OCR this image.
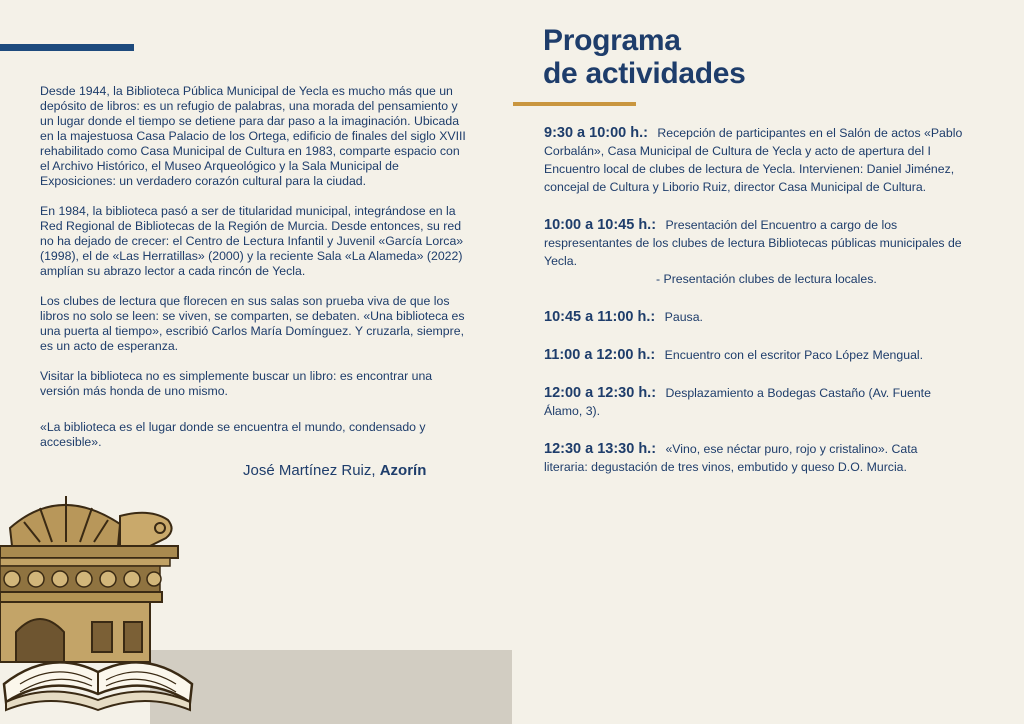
Desde 1944, la Biblioteca Pública Municipal de Yecla es mucho más que un depósito de libros: es un refugio de palabras, una morada del pensamiento y un lugar donde el tiempo se detiene para dar paso a la imaginación. Ubicada en la majestuosa Casa Palacio de los Ortega, edificio de finales del siglo XVIII rehabilitado como Casa Municipal de Cultura en 1983, comparte espacio con el Archivo Histórico, el Museo Arqueológico y la Sala Municipal de Exposiciones: un verdadero corazón cultural para la ciudad.

En 1984, la biblioteca pasó a ser de titularidad municipal, integrándose en la Red Regional de Bibliotecas de la Región de Murcia. Desde entonces, su red no ha dejado de crecer: el Centro de Lectura Infantil y Juvenil «García Lorca» (1998), el de «Las Herratillas» (2000) y la reciente Sala «La Alameda» (2022) amplían su abrazo lector a cada rincón de Yecla.

Los clubes de lectura que florecen en sus salas son prueba viva de que los libros no solo se leen: se viven, se comparten, se debaten. «Una biblioteca es una puerta al tiempo», escribió Carlos María Domínguez. Y cruzarla, siempre, es un acto de esperanza.

Visitar la biblioteca no es simplemente buscar un libro: es encontrar una versión más honda de uno mismo.

«La biblioteca es el lugar donde se encuentra el mundo, condensado y accesible».
José Martínez Ruiz, Azorín
Programa
de actividades
9:30 a 10:00 h.: Recepción de participantes en el Salón de actos «Pablo Corbalán», Casa Municipal de Cultura de Yecla y acto de apertura del I Encuentro local de clubes de lectura de Yecla. Intervienen: Daniel Jiménez, concejal de Cultura y Liborio Ruiz, director Casa Municipal de Cultura.
10:00 a 10:45 h.: Presentación del Encuentro a cargo de los respresentantes de los clubes de lectura Bibliotecas públicas municipales de Yecla.
- Presentación clubes de lectura locales.
10:45 a 11:00 h.: Pausa.
11:00 a 12:00 h.: Encuentro con el escritor Paco López Mengual.
12:00 a 12:30 h.: Desplazamiento a Bodegas Castaño (Av. Fuente Álamo, 3).
12:30 a 13:30 h.: «Vino, ese néctar puro, rojo y cristalino». Cata literaria: degustación de tres vinos, embutido y queso D.O. Murcia.
